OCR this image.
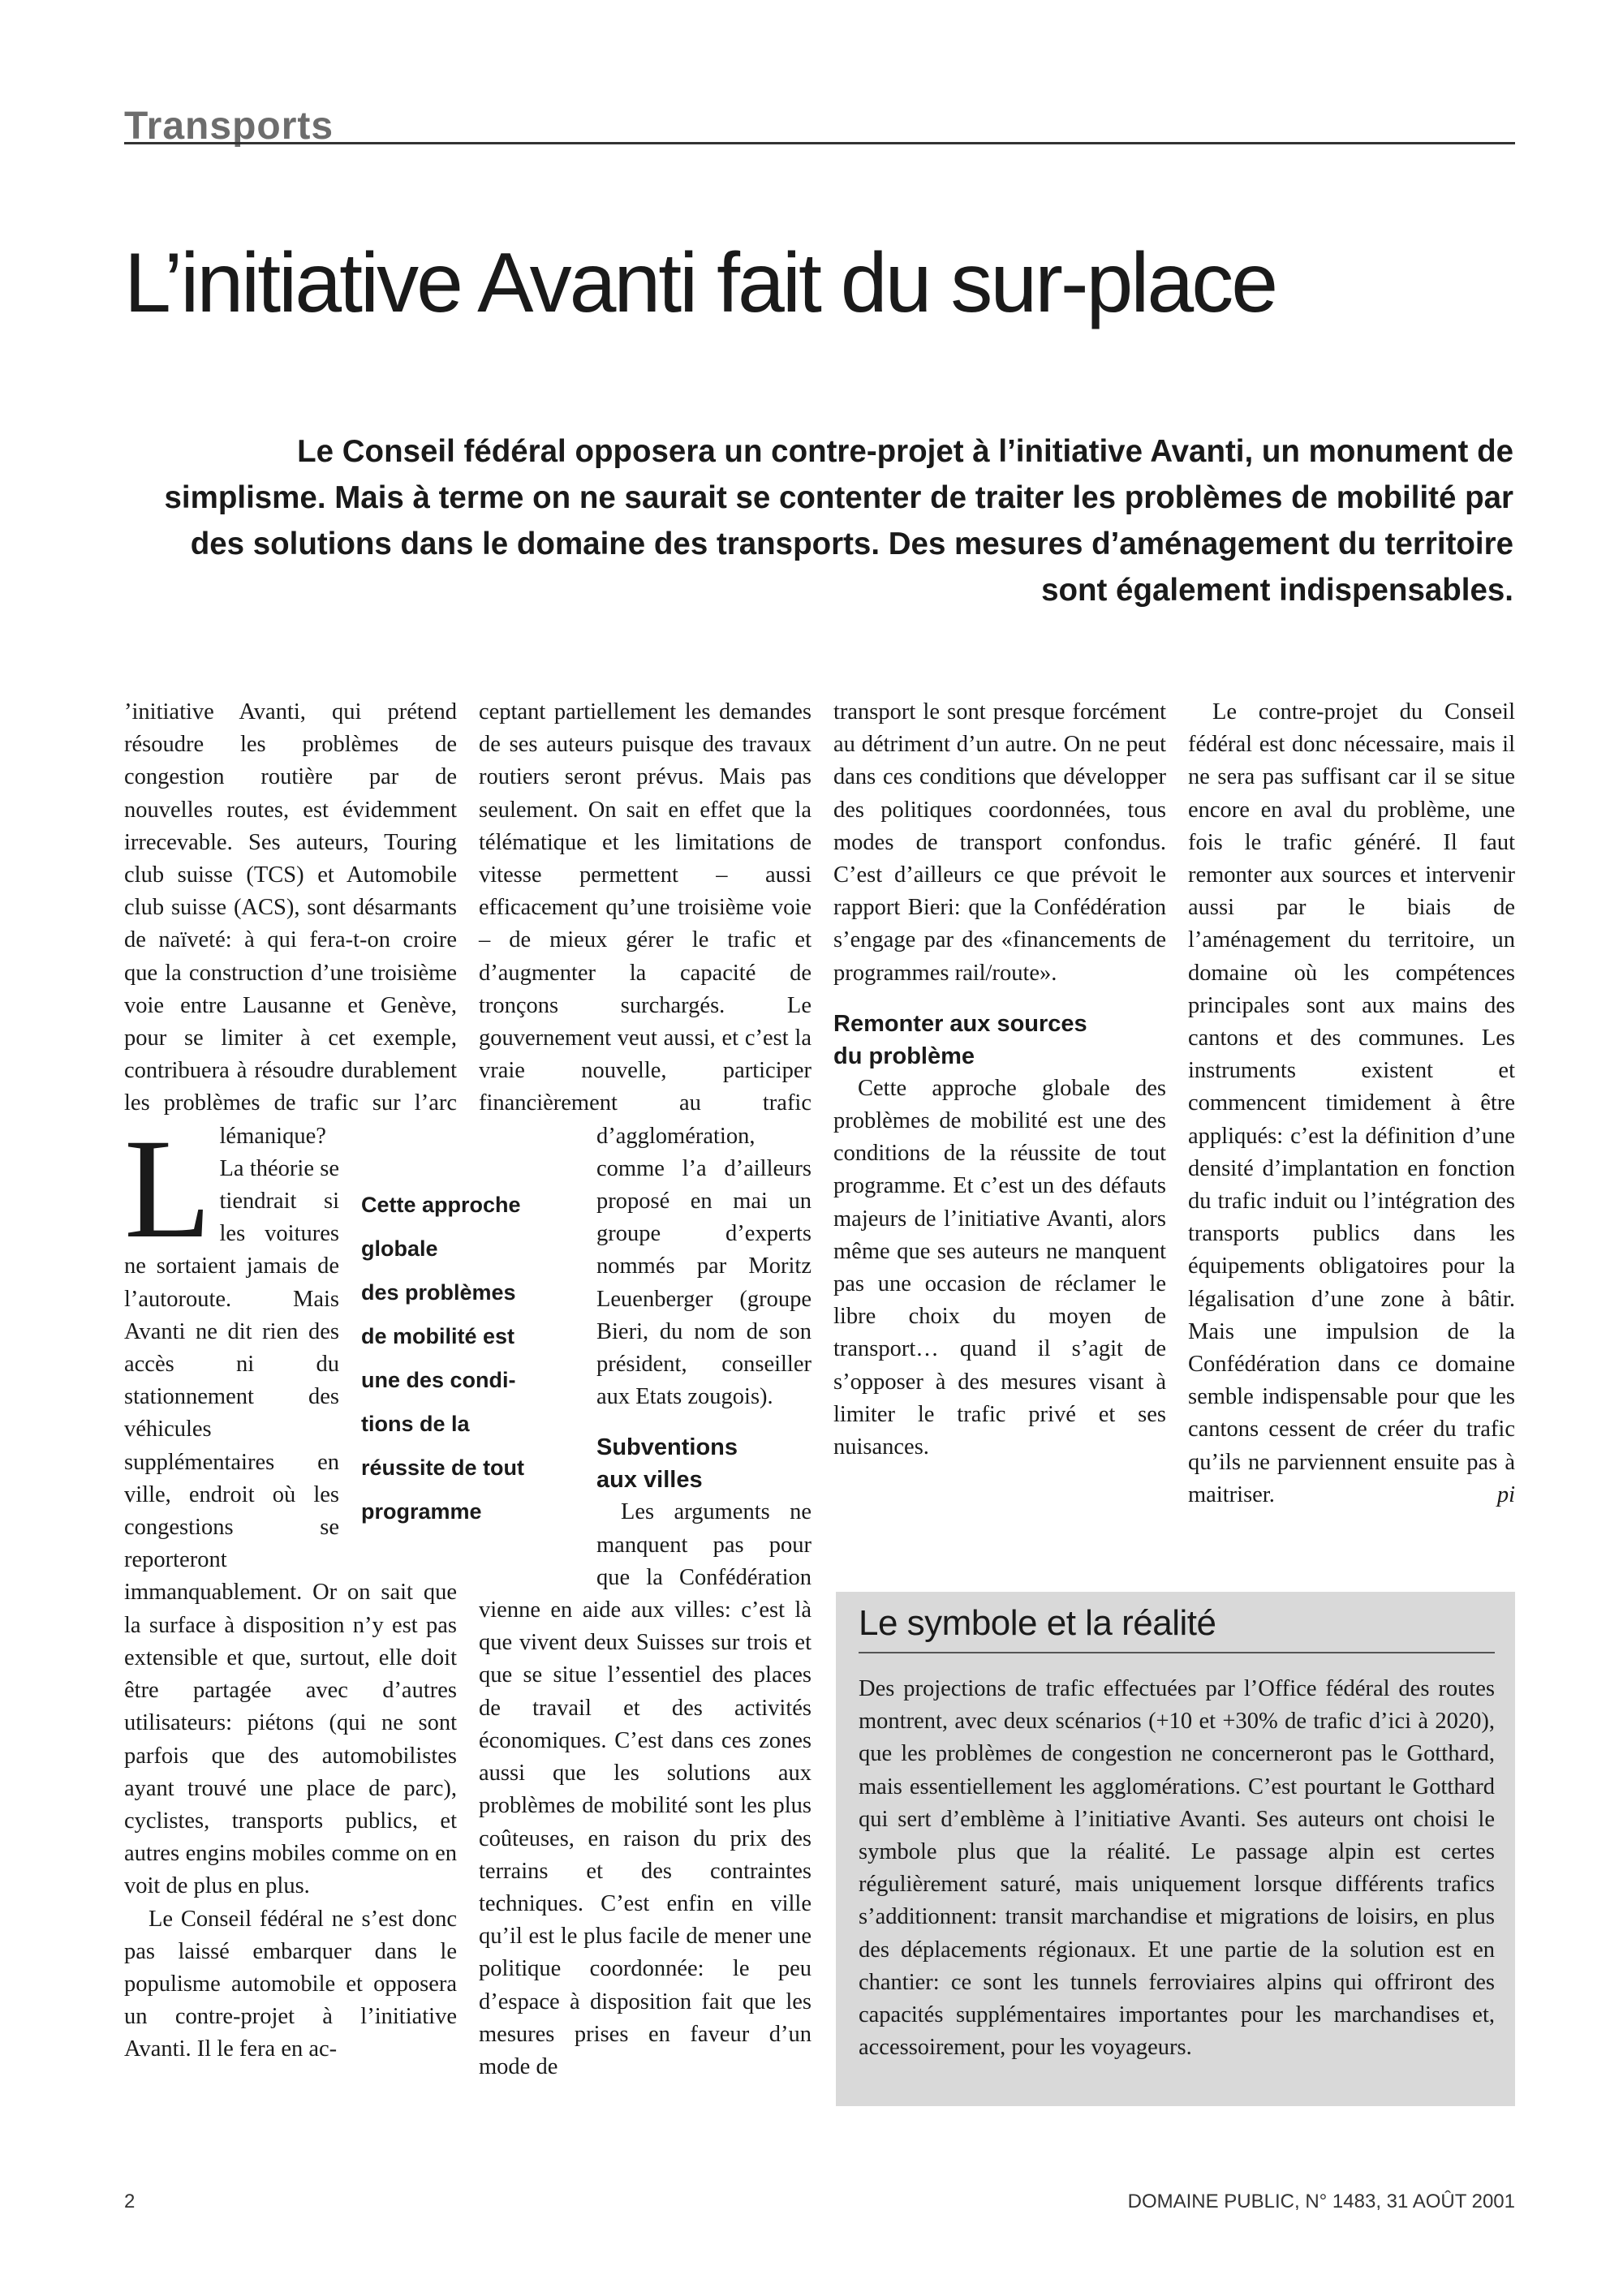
Transports
L’initiative Avanti fait du sur-place

Le Conseil fédéral opposera un contre-projet à l’initiative Avanti, un monument de simplisme. Mais à terme on ne saurait se contenter de traiter les problèmes de mobilité par des solutions dans le domaine des transports. Des mesures d’aménagement du territoire sont également indispensables.

L

’initiative Avanti, qui prétend résoudre les problèmes de congestion routière par de nouvelles routes, est évidemment irrecevable. Ses auteurs, Touring club suisse (TCS) et Automobile club suisse (ACS), sont désarmants de naïveté: à qui fera-t-on croire que la construction d’une troisième voie entre Lausanne et Genève, pour se limiter à cet exemple, contribuera à résoudre durablement les problèmes de trafic sur l’arc lémanique? La théorie se tiendrait si les voitures ne sortaient jamais de l’autoroute. Mais Avanti ne dit rien des accès ni du stationnement des véhicules supplémentaires en ville, endroit où les congestions se reporteront immanquablement. Or on sait que la surface à disposition n’y est pas extensible et que, surtout, elle doit être partagée avec d’autres utilisateurs: piétons (qui ne sont parfois que des automobilistes ayant trouvé une place de parc), cyclistes, transports publics, et autres engins mobiles comme on en voit de plus en plus.

Le Conseil fédéral ne s’est donc pas laissé embarquer dans le populisme automobile et opposera un contre-projet à l’initiative Avanti. Il le fera en ac-

ceptant partiellement les demandes de ses auteurs puisque des travaux routiers seront prévus. Mais pas seulement. On sait en effet que la télématique et les limitations de vitesse permettent – aussi efficacement qu’une troisième voie – de mieux gérer le trafic et d’augmenter la capacité de tronçons surchargés. Le gouvernement veut aussi, et c’est la vraie nouvelle, participer financièrement au trafic d’agglomération, comme l’a d’ailleurs proposé en mai un groupe d’experts nommés par Moritz Leuenberger (groupe Bieri, du nom de son président, conseiller aux Etats zougois).

Subventions
aux villes

Les arguments ne manquent pas pour que la Confédération vienne en aide aux villes: c’est là que vivent deux Suisses sur trois et que se situe l’essentiel des places de travail et des activités économiques. C’est dans ces zones aussi que les solutions aux problèmes de mobilité sont les plus coûteuses, en raison du prix des terrains et des contraintes techniques. C’est enfin en ville qu’il est le plus facile de mener une politique coordonnée: le peu d’espace à disposition fait que les mesures prises en faveur d’un mode de

Cette approche
globale
des problèmes
de mobilité est
une des condi-
tions de la
réussite de tout
programme

transport le sont presque forcément au détriment d’un autre. On ne peut dans ces conditions que développer des politiques coordonnées, tous modes de transport confondus. C’est d’ailleurs ce que prévoit le rapport Bieri: que la Confédération s’engage par des «financements de programmes rail/route».

Remonter aux sources
du problème

Cette approche globale des problèmes de mobilité est une des conditions de la réussite de tout programme. Et c’est un des défauts majeurs de l’initiative Avanti, alors même que ses auteurs ne manquent pas une occasion de réclamer le libre choix du moyen de transport… quand il s’agit de s’opposer à des mesures visant à limiter le trafic privé et ses nuisances.

Le contre-projet du Conseil fédéral est donc nécessaire, mais il ne sera pas suffisant car il se situe encore en aval du problème, une fois le trafic généré. Il faut remonter aux sources et intervenir aussi par le biais de l’aménagement du territoire, un domaine où les compétences principales sont aux mains des cantons et des communes. Les instruments existent et commencent timidement à être appliqués: c’est la définition d’une densité d’implantation en fonction du trafic induit ou l’intégration des transports publics dans les équipements obligatoires pour la légalisation d’une zone à bâtir. Mais une impulsion de la Confédération dans ce domaine semble indispensable pour que les cantons cessent de créer du trafic qu’ils ne parviennent ensuite pas à maitriser.	pi

Le symbole et la réalité
Des projections de trafic effectuées par l’Office fédéral des routes montrent, avec deux scénarios (+10 et +30% de trafic d’ici à 2020), que les problèmes de congestion ne concerneront pas le Gotthard, mais essentiellement les agglomérations. C’est pourtant le Gotthard qui sert d’emblème à l’initiative Avanti. Ses auteurs ont choisi le symbole plus que la réalité. Le passage alpin est certes régulièrement saturé, mais uniquement lorsque différents trafics s’additionnent: transit marchandise et migrations de loisirs, en plus des déplacements régionaux. Et une partie de la solution est en chantier: ce sont les tunnels ferroviaires alpins qui offriront des capacités supplémentaires importantes pour les marchandises et, accessoirement, pour les voyageurs.
2	DOMAINE PUBLIC, N° 1483, 31 AOÛT 2001
